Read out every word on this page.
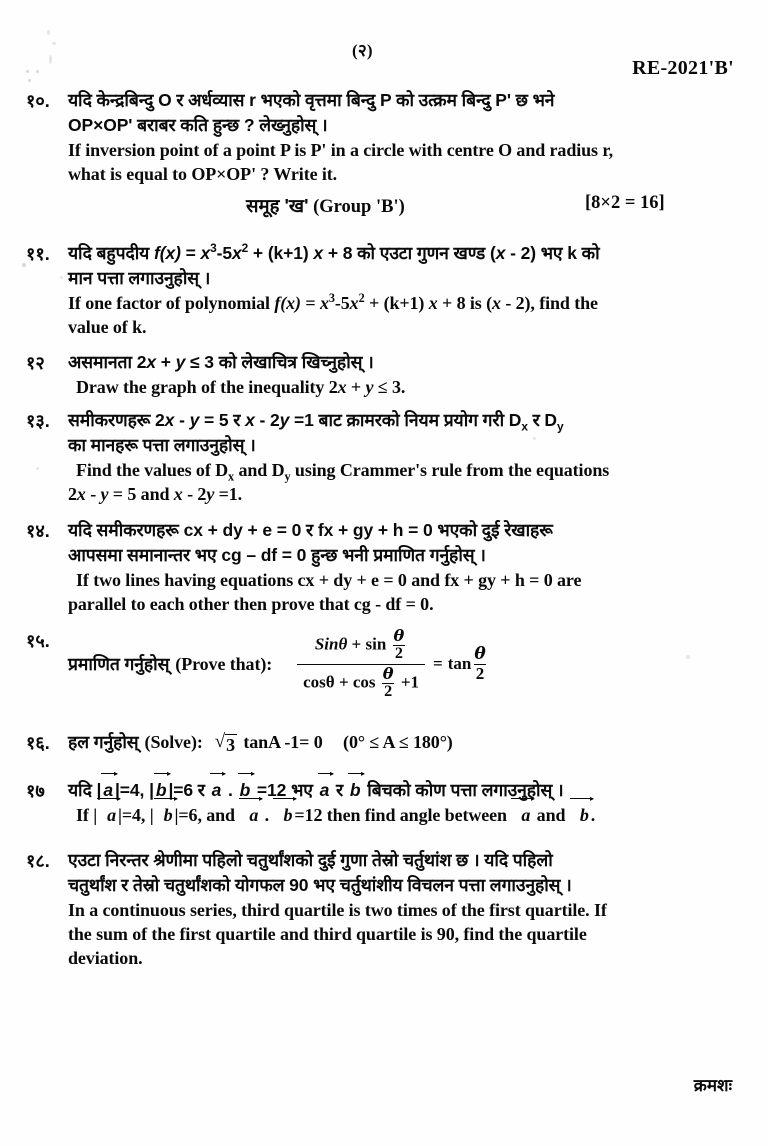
(२)
RE-2021'B'
१०.	यदि केन्द्रबिन्दु O र अर्धव्यास r भएको वृत्तमा बिन्दु P को उत्क्रम बिन्दु P' छ भने
OP×OP' बराबर कति हुन्छ ? लेख्नुहोस् ।
If inversion point of a point P is P' in a circle with centre O and radius r,
what is equal to OP×OP' ? Write it.
समूह 'ख' (Group 'B')	[8×2 = 16]
११.	यदि बहुपदीय $f(x) = x^3-5x^2 + (k+1) x + 8$ को एउटा गुणन खण्ड (x - 2) भए k को
मान पत्ता लगाउनुहोस् ।
If one factor of polynomial $f(x) = x^3-5x^2 + (k+1) x + 8$ is (x - 2), find the
value of k.
१२	असमानता 2x + y ≤ 3 को लेखाचित्र खिच्नुहोस् ।
Draw the graph of the inequality 2x + y ≤ 3.
१३.	समीकरणहरू 2x - y = 5 र x - 2y =1 बाट क्रामरको नियम प्रयोग गरी $D_x$ र $D_y$
का मानहरू पत्ता लगाउनुहोस् ।
Find the values of $D_x$ and $D_y$ using Crammer's rule from the equations
2x - y = 5 and x - 2y =1.
१४.	यदि समीकरणहरू cx + dy + e = 0 र fx + gy + h = 0 भएको दुई रेखाहरू
आपसमा समानान्तर भए cg – df = 0 हुन्छ भनी प्रमाणित गर्नुहोस् ।
If two lines having equations cx + dy + e = 0 and fx + gy + h = 0 are
parallel to each other then prove that cg - df = 0.
१५.
प्रमाणित गर्नुहोस् (Prove that):
$Sin\theta + \sin \frac{\theta}{2}$
$\cos\theta + \cos \frac{\theta}{2} +1$
= tan θ
2
१६.	हल गर्नुहोस् (Solve): √ 3 tanA -1= 0 (0° ≤ A ≤ 180°)
१७	यदि | a |=4, | b |=6 र a . b =12 भए a र b बिचको कोण पत्ता लगाउनुहोस् ।
If | a |=4, | b |=6, and a . b =12 then find angle between a and b .
१८.	एउटा निरन्तर श्रेणीमा पहिलो चतुर्थांशको दुई गुणा तेस्रो चर्तुथांश छ । यदि पहिलो
चतुर्थांश र तेस्रो चतुर्थांशको योगफल 90 भए चर्तुथांशीय विचलन पत्ता लगाउनुहोस् ।
In a continuous series, third quartile is two times of the first quartile. If
the sum of the first quartile and third quartile is 90, find the quartile
deviation.
क्रमशः
